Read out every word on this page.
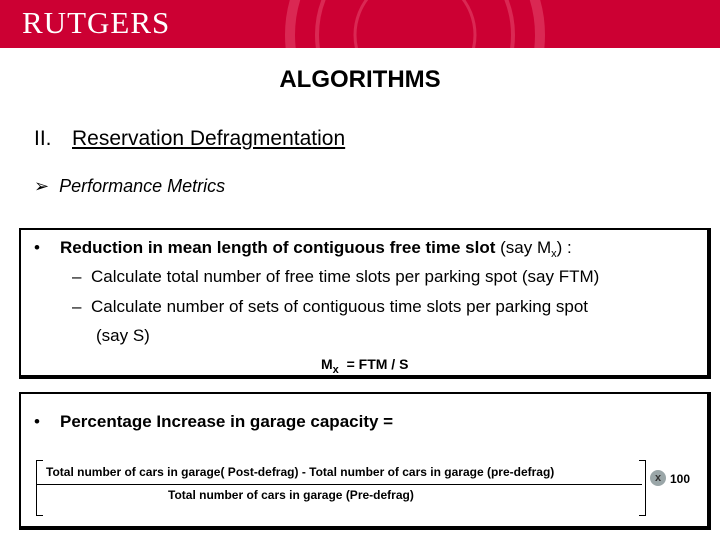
RUTGERS
ALGORITHMS
II. Reservation Defragmentation
➢ Performance Metrics
• Reduction in mean length of contiguous free time slot (say $M_x$) :
– Calculate total number of free time slots per parking spot (say FTM)
– Calculate number of sets of contiguous time slots per parking spot
(say S)
$M_x$ = FTM / S
• Percentage Increase in garage capacity =
Total number of cars in garage( Post-defrag) - Total number of cars in garage (pre-defrag)
Total number of cars in garage (Pre-defrag)
x 100
